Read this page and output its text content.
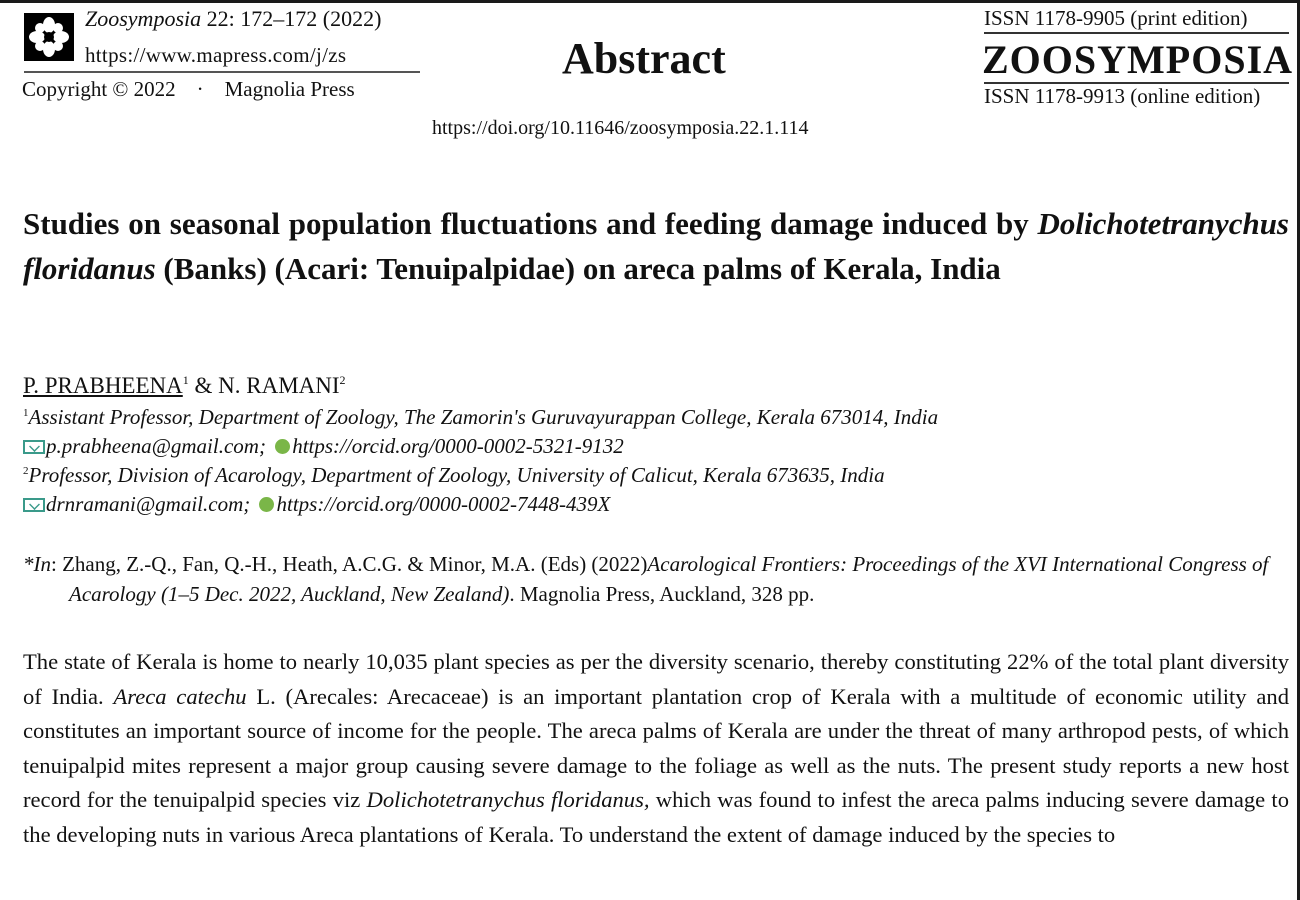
Zoosymposia 22: 172–172 (2022)
https://www.mapress.com/j/zs
Copyright © 2022 · Magnolia Press
Abstract
ISSN 1178-9905 (print edition)
ZOOSYMPOSIA
ISSN 1178-9913 (online edition)
https://doi.org/10.11646/zoosymposia.22.1.114
Studies on seasonal population fluctuations and feeding damage induced by Dolichotetranychus floridanus (Banks) (Acari: Tenuipalpidae) on areca palms of Kerala, India
P. PRABHEENA$^1$ & N. RAMANI$^2$
$^1$Assistant Professor, Department of Zoology, The Zamorin's Guruvayurappan College, Kerala 673014, India
p.prabheena@gmail.com; https://orcid.org/0000-0002-5321-9132
$^2$Professor, Division of Acarology, Department of Zoology, University of Calicut, Kerala 673635, India
drnramani@gmail.com; https://orcid.org/0000-0002-7448-439X
*In: Zhang, Z.-Q., Fan, Q.-H., Heath, A.C.G. & Minor, M.A. (Eds) (2022) Acarological Frontiers: Proceedings of the XVI International Congress of Acarology (1–5 Dec. 2022, Auckland, New Zealand). Magnolia Press, Auckland, 328 pp.
The state of Kerala is home to nearly 10,035 plant species as per the diversity scenario, thereby constituting 22% of the total plant diversity of India. Areca catechu L. (Arecales: Arecaceae) is an important plantation crop of Kerala with a multitude of economic utility and constitutes an important source of income for the people. The areca palms of Kerala are under the threat of many arthropod pests, of which tenuipalpid mites represent a major group causing severe damage to the foliage as well as the nuts. The present study reports a new host record for the tenuipalpid species viz Dolichotetranychus floridanus, which was found to infest the areca palms inducing severe damage to the developing nuts in various Areca plantations of Kerala. To understand the extent of damage induced by the species to
